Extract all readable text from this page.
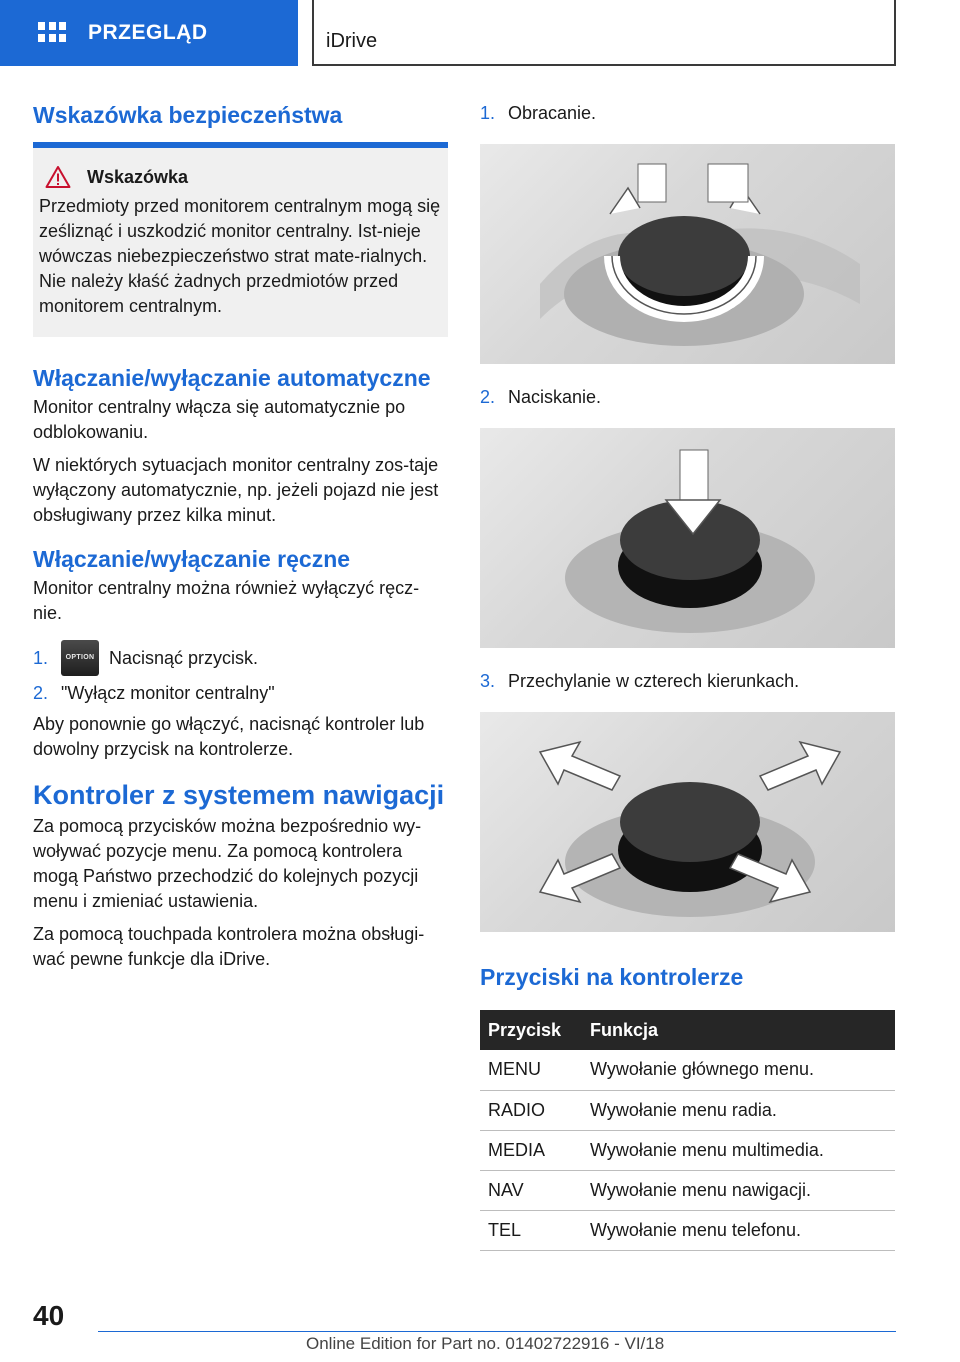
PRZEGLĄD	iDrive
Wskazówka bezpieczeństwa
Wskazówka

Przedmioty przed monitorem centralnym mogą się ześliznąć i uszkodzić monitor centralny. Ist-nieje wówczas niebezpieczeństwo strat mate-rialnych. Nie należy kłaść żadnych przedmiotów przed monitorem centralnym.

Włączanie/wyłączanie automatyczne

Monitor centralny włącza się automatycznie po odblokowaniu.

W niektórych sytuacjach monitor centralny zos-taje wyłączony automatycznie, np. jeżeli pojazd nie jest obsługiwany przez kilka minut.

Włączanie/wyłączanie ręczne

Monitor centralny można również wyłączyć ręcz-nie.

1.	OPTION Nacisnąć przycisk.
2. "Wyłącz monitor centralny"

Aby ponownie go włączyć, nacisnąć kontroler lub dowolny przycisk na kontrolerze.

Kontroler z systemem nawigacji

Za pomocą przycisków można bezpośrednio wy-woływać pozycje menu. Za pomocą kontrolera mogą Państwo przechodzić do kolejnych pozycji menu i zmieniać ustawienia.

Za pomocą touchpada kontrolera można obsługi-wać pewne funkcje dla iDrive.

1. Obracanie.
2. Naciskanie.
3. Przechylanie w czterech kierunkach.
Przyciski na kontrolerze
Przycisk	Funkcja
MENU	Wywołanie głównego menu.
RADIO	Wywołanie menu radia.
MEDIA	Wywołanie menu multimedia.
NAV	Wywołanie menu nawigacji.
TEL	Wywołanie menu telefonu.
40
Online Edition for Part no. 01402722916 - VI/18
